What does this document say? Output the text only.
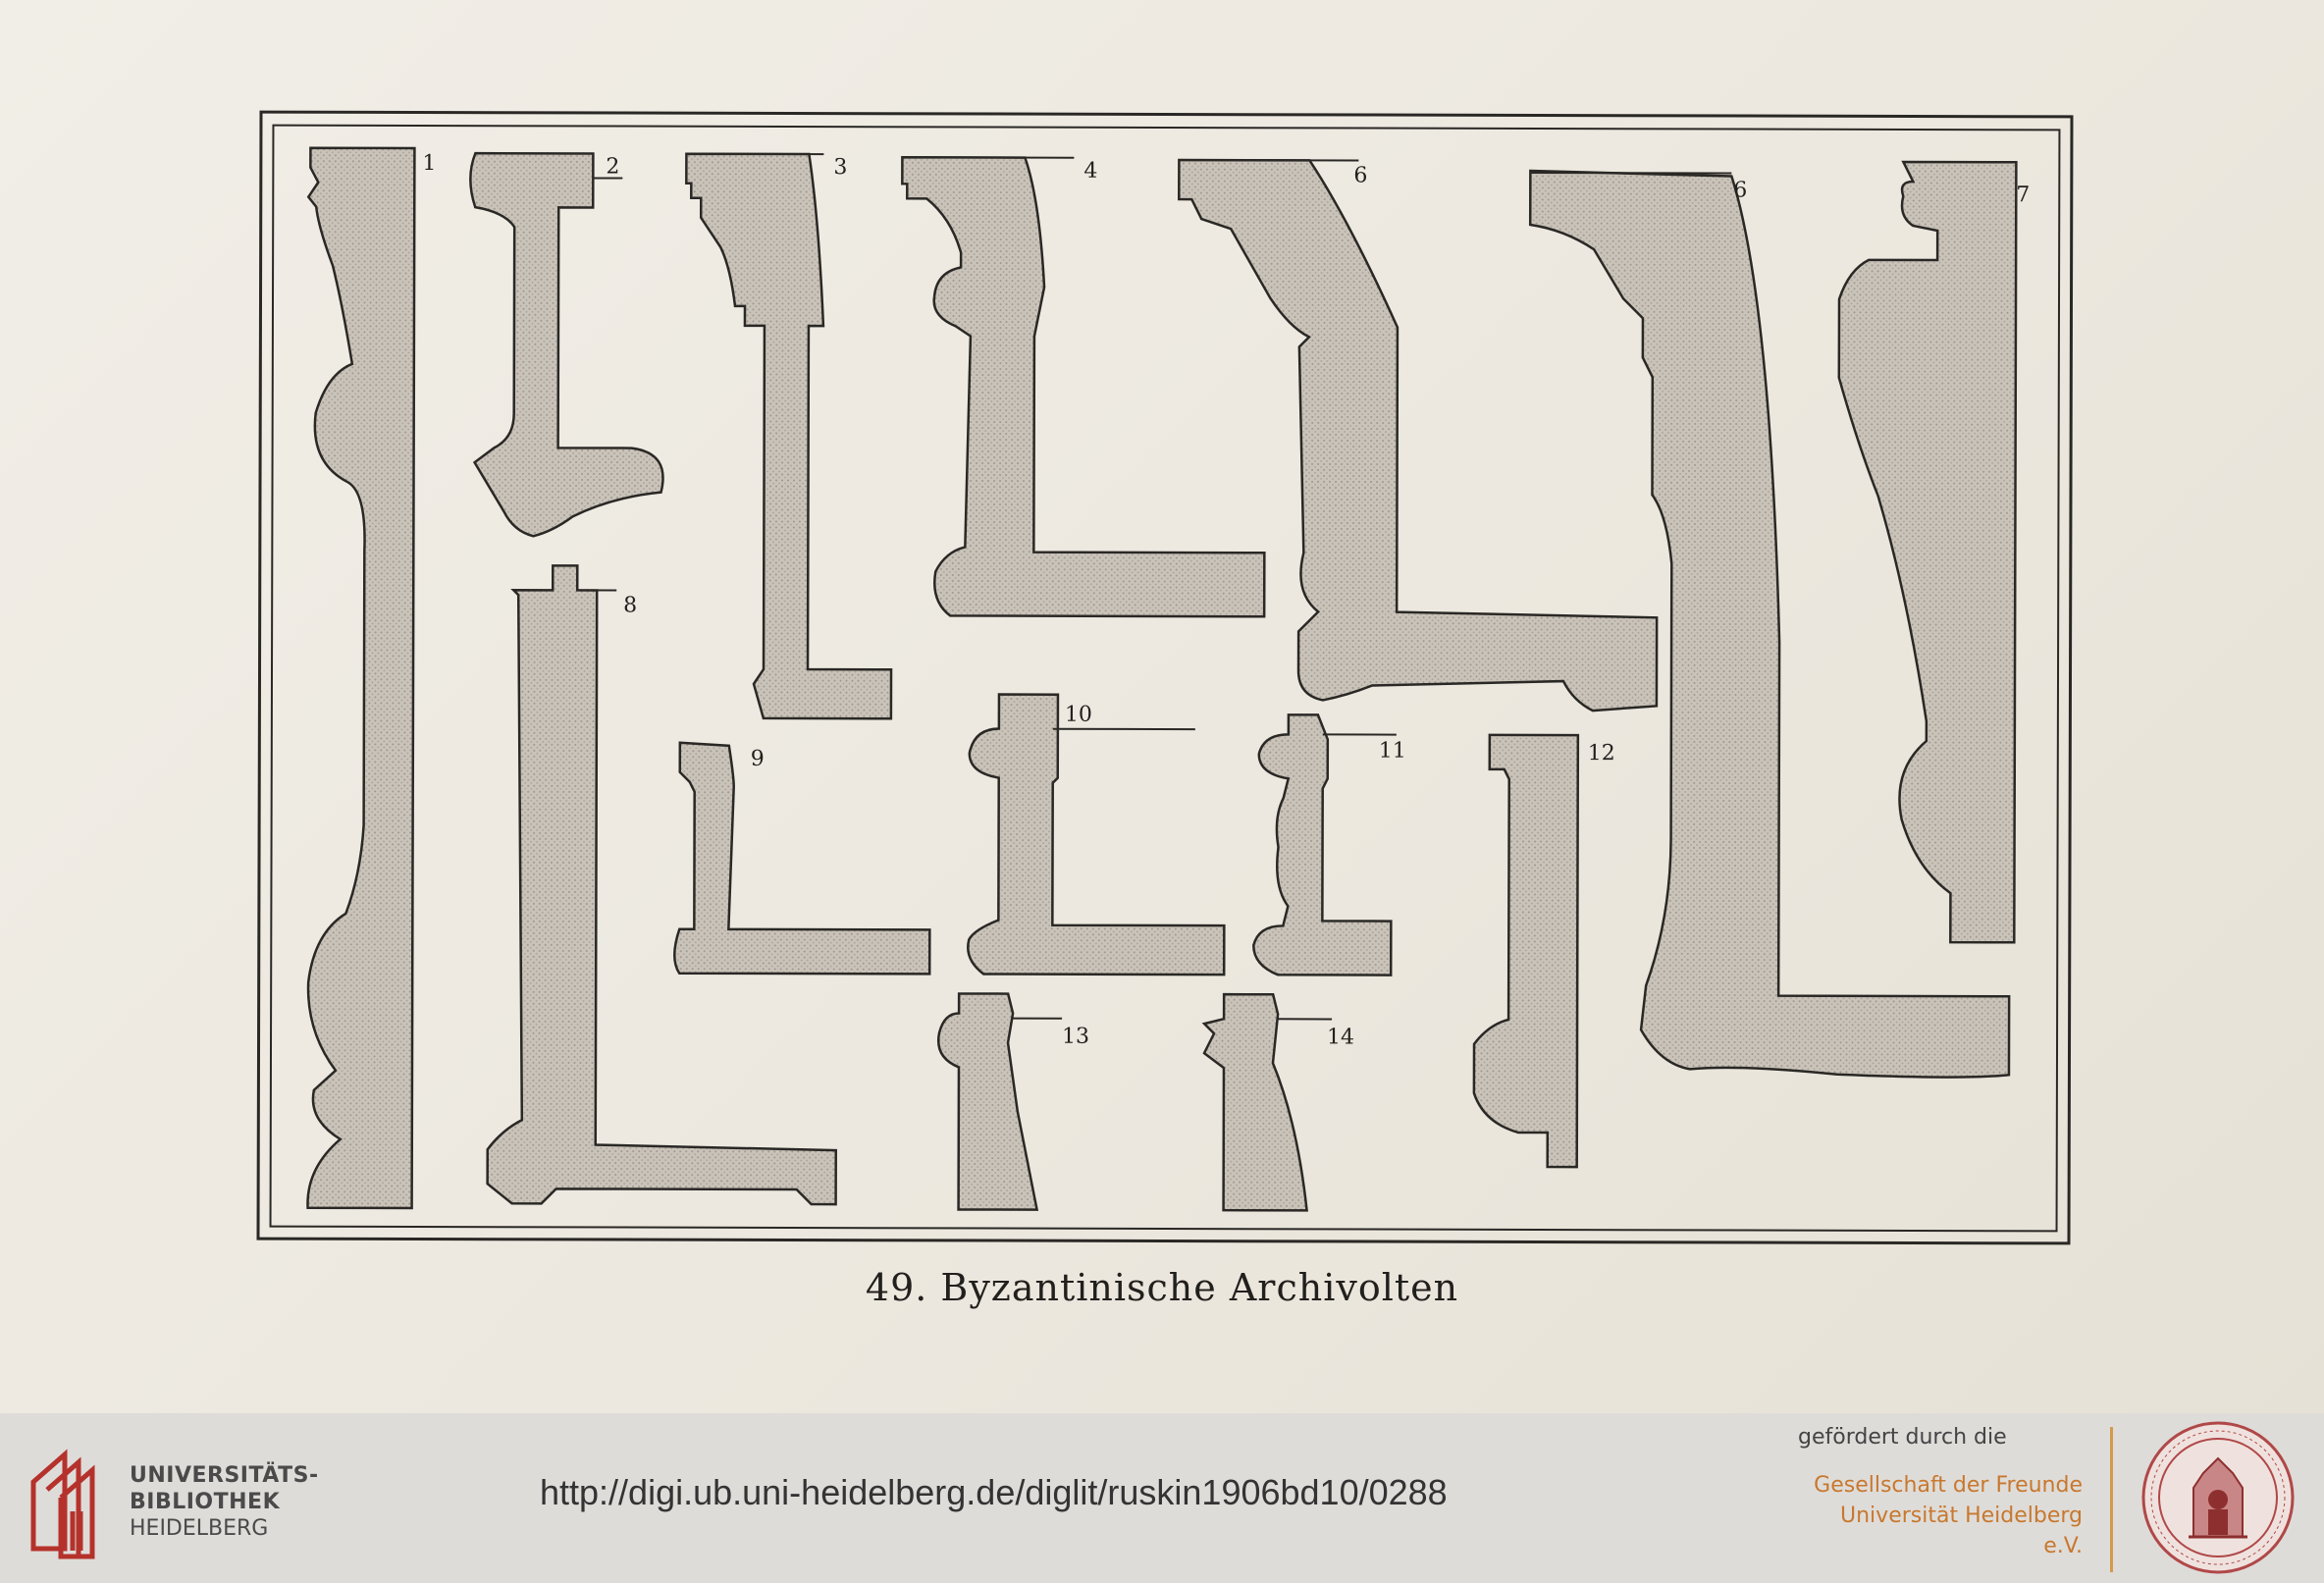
1	2	3	4	6
6	7
8
9
10
11	12
13	14
49. Byzantinische Archivolten
UNIVERSITÄTS-
BIBLIOTHEK
HEIDELBERG
http://digi.ub.uni-heidelberg.de/diglit/ruskin1906bd10/0288
gefördert durch die
Gesellschaft der Freunde
Universität Heidelberg e.V.
